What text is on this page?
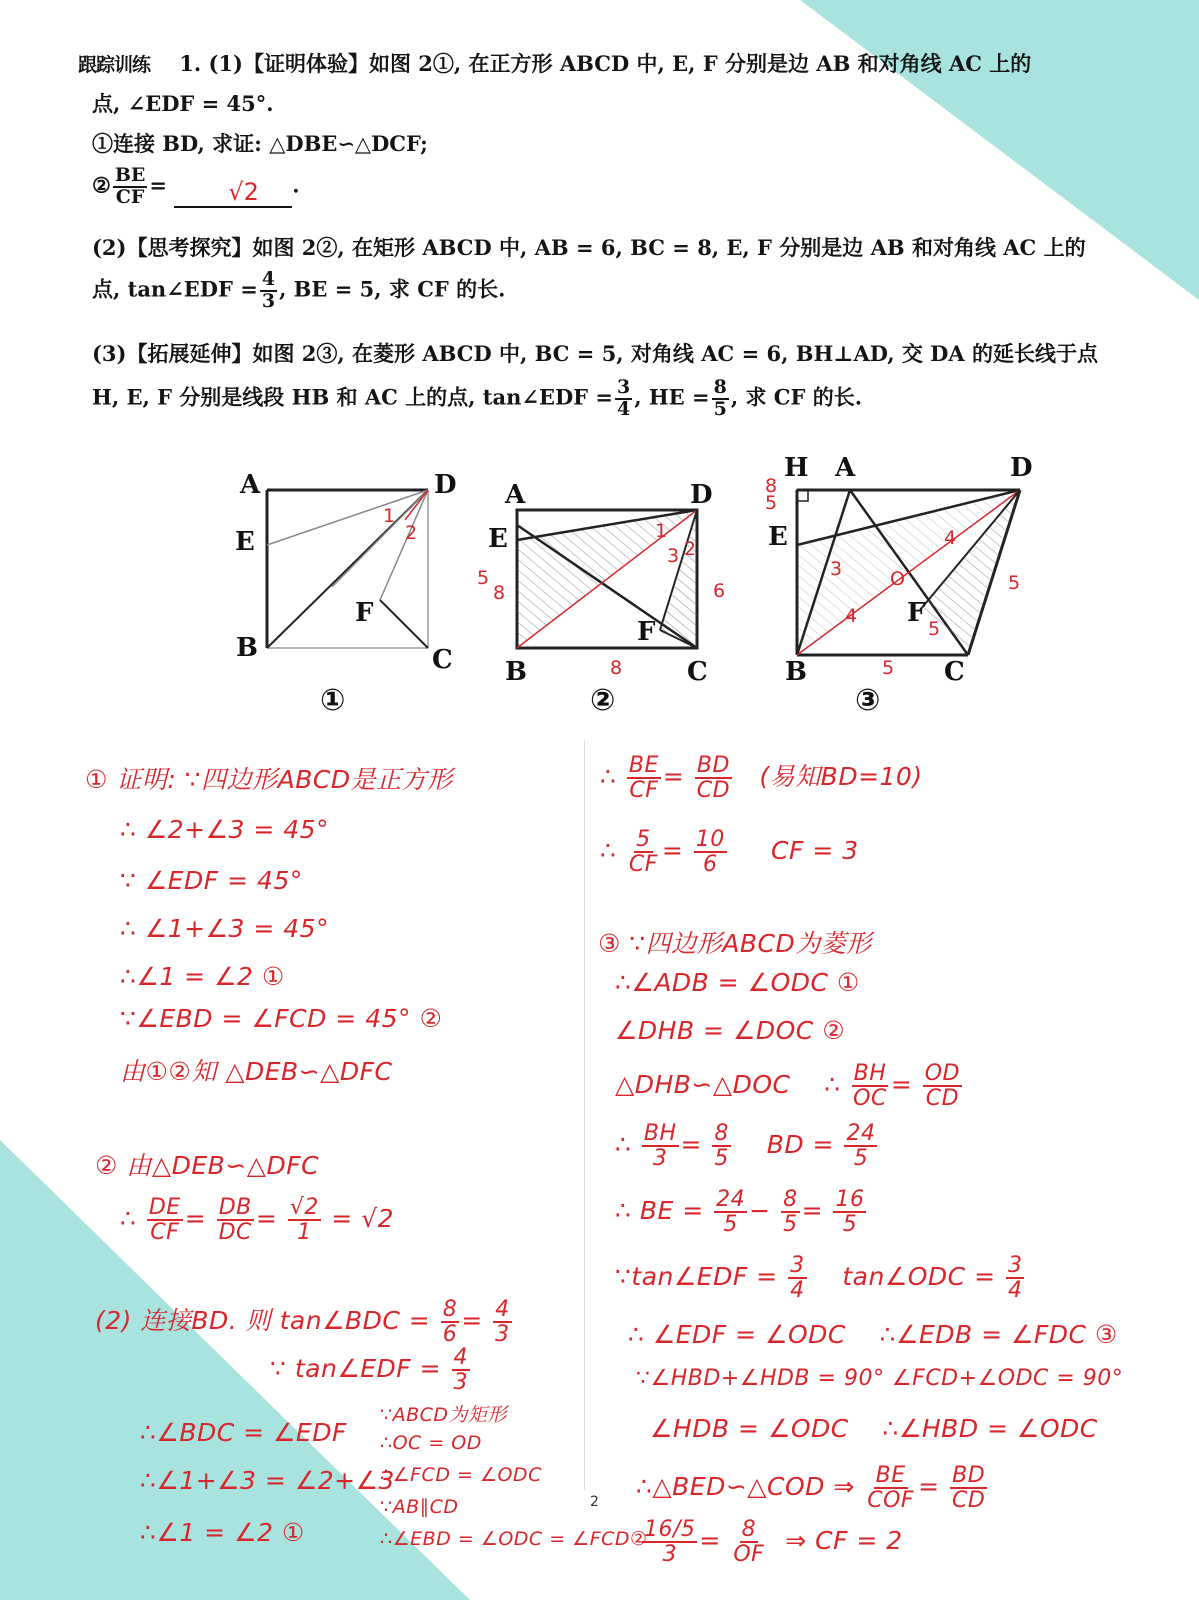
跟踪训练 1. (1)【证明体验】如图 2①, 在正方形 ABCD 中, E, F 分别是边 AB 和对角线 AC 上的
点, ∠EDF = 45°.
①连接 BD, 求证: △DBE∽△DCF;
② $\frac{BE}{CF}$ =	√2 .
(2)【思考探究】如图 2②, 在矩形 ABCD 中, AB = 6, BC = 8, E, F 分别是边 AB 和对角线 AC 上的
点, tan∠EDF = $\frac{4}{3}$ , BE = 5, 求 CF 的长.
(3)【拓展延伸】如图 2③, 在菱形 ABCD 中, BC = 5, 对角线 AC = 6, BH⊥AD, 交 DA 的延长线于点
H, E, F 分别是线段 HB 和 AC 上的点, tan∠EDF = $\frac{3}{4}$ , HE = $\frac{8}{5}$ , 求 CF 的长.
A	D
E
F
B	C
1
2
①
A	D
E
F
B	C
1
3 2
5
8	6
8
②
H A	D
E
F
B	C
8
5
3
4
4
5
5
O
5
③
① 证明: ∵四边形ABCD是正方形
∴ ∠2+∠3 = 45°
∵ ∠EDF = 45°
∴ ∠1+∠3 = 45°
∴∠1 = ∠2 ①
∵∠EBD = ∠FCD = 45° ②
由①②知 △DEB∽△DFC
② 由△DEB∽△DFC
∴ $\frac{DE}{CF} = \frac{DB}{DC} = \frac{√2}{1} = √2$
(2) 连接BD. 则 tan∠BDC = $\frac{8}{6} = \frac{4}{3}$
∵ tan∠EDF = $\frac{4}{3}$
∴∠BDC = ∠EDF
∴∠1+∠3 = ∠2+∠3
∴∠1 = ∠2 ①
∵ABCD为矩形
∴OC = OD
∴∠FCD = ∠ODC
∵AB∥CD
∴∠EBD = ∠ODC = ∠FCD②
∴ $\frac{BE}{CF} = \frac{BD}{CD}$ (易知BD=10)
∴ $\frac{5}{CF} = \frac{10}{6}$ CF = 3
③ ∵四边形ABCD为菱形
∴∠ADB = ∠ODC ①
∠DHB = ∠DOC ②
△DHB∽△DOC ∴ $\frac{BH}{OC} = \frac{OD}{CD}$
∴ $\frac{BH}{3} = \frac{8}{5}$ BD = $\frac{24}{5}$
∴ BE = $\frac{24}{5} - \frac{8}{5} = \frac{16}{5}$
∵tan∠EDF = $\frac{3}{4}$ tan∠ODC = $\frac{3}{4}$
∴ ∠EDF = ∠ODC ∴∠EDB = ∠FDC ③
∵∠HBD+∠HDB = 90° ∠FCD+∠ODC = 90°
∠HDB = ∠ODC ∴∠HBD = ∠ODC
∴△BED∽△COD ⇒ $\frac{BE}{\text{COF}} = \frac{BD}{CD}$
$\frac{16/5}{3} = \frac{8}{OF}$ ⇒ CF = 2
2
